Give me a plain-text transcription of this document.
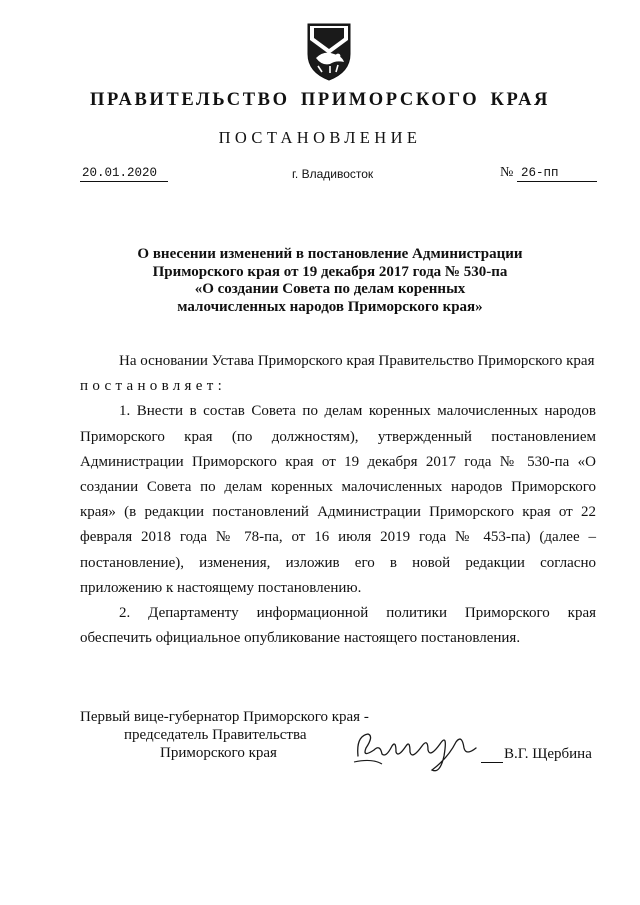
ПРАВИТЕЛЬСТВО ПРИМОРСКОГО КРАЯ
ПОСТАНОВЛЕНИЕ
20.01.2020	г. Владивосток	№ 26-пп
О внесении изменений в постановление Администрации
Приморского края от 19 декабря 2017 года № 530-па
«О создании Совета по делам коренных
малочисленных народов Приморского края»

На основании Устава Приморского края Правительство Приморского края

постановляет:

1. Внести в состав Совета по делам коренных малочисленных народов Приморского края (по должностям), утвержденный постановлением Администрации Приморского края от 19 декабря 2017 года № 530-па «О создании Совета по делам коренных малочисленных народов Приморского края» (в редакции постановлений Администрации Приморского края от 22 февраля 2018 года № 78-па, от 16 июля 2019 года № 453-па) (далее – постановление), изменения, изложив его в новой редакции согласно приложению к настоящему постановлению.

2. Департаменту информационной политики Приморского края обеспечить официальное опубликование настоящего постановления.

Первый вице-губернатор Приморского края -
председатель Правительства
Приморского края	В.Г. Щербина
